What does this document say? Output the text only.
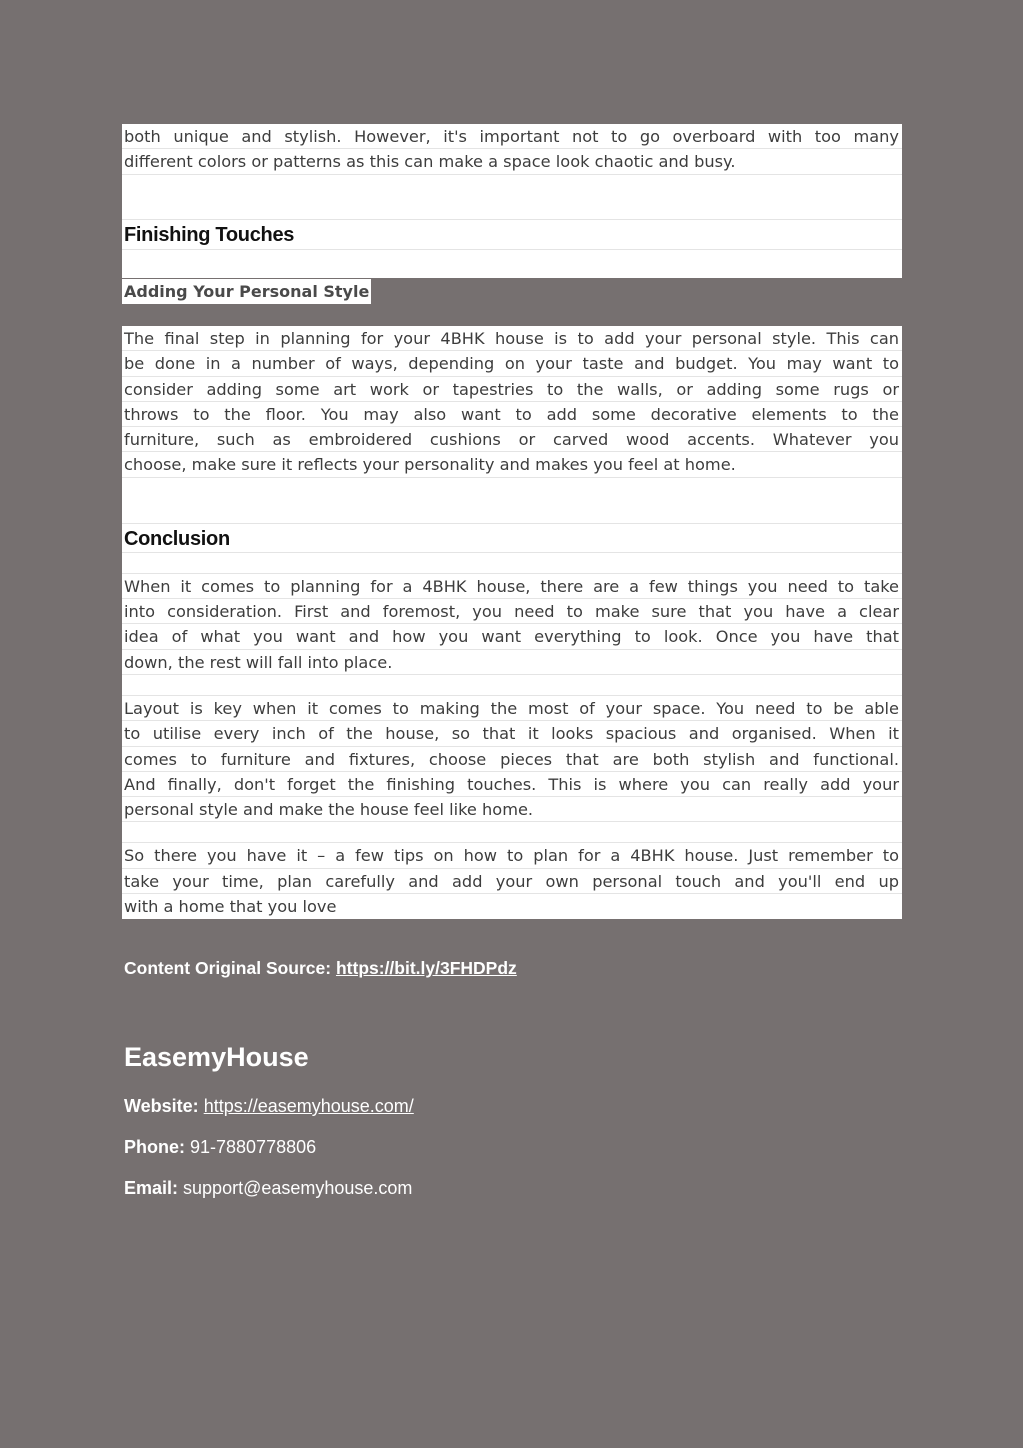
both unique and stylish. However, it's important not to go overboard with too many
different colors or patterns as this can make a space look chaotic and busy.
Finishing Touches
Adding Your Personal Style
The final step in planning for your 4BHK house is to add your personal style. This can
be done in a number of ways, depending on your taste and budget. You may want to
consider adding some art work or tapestries to the walls, or adding some rugs or
throws to the floor. You may also want to add some decorative elements to the
furniture, such as embroidered cushions or carved wood accents. Whatever you
choose, make sure it reflects your personality and makes you feel at home.
Conclusion
When it comes to planning for a 4BHK house, there are a few things you need to take
into consideration. First and foremost, you need to make sure that you have a clear
idea of what you want and how you want everything to look. Once you have that
down, the rest will fall into place.
Layout is key when it comes to making the most of your space. You need to be able
to utilise every inch of the house, so that it looks spacious and organised. When it
comes to furniture and fixtures, choose pieces that are both stylish and functional.
And finally, don't forget the finishing touches. This is where you can really add your
personal style and make the house feel like home.
So there you have it – a few tips on how to plan for a 4BHK house. Just remember to
take your time, plan carefully and add your own personal touch and you'll end up
with a home that you love
Content Original Source: https://bit.ly/3FHDPdz
EasemyHouse
Website: https://easemyhouse.com/
Phone: 91-7880778806
Email: support@easemyhouse.com
